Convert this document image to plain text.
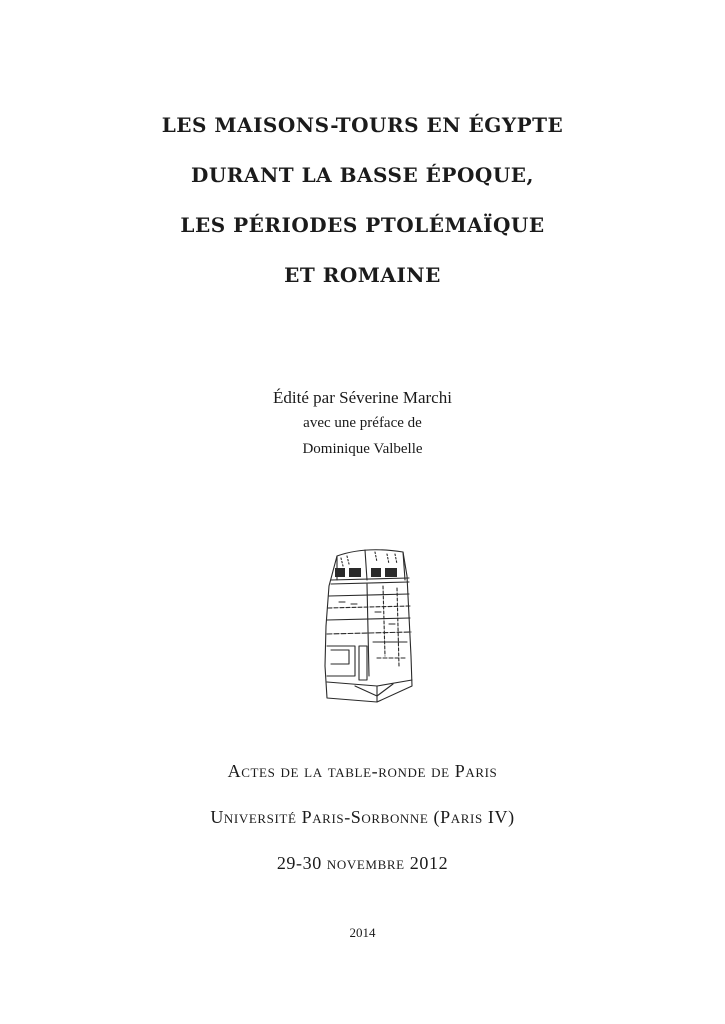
LES MAISONS-TOURS EN ÉGYPTE
DURANT LA BASSE ÉPOQUE,
LES PÉRIODES PTOLÉMAÏQUE
ET ROMAINE
Édité par Séverine Marchi
avec une préface de
Dominique Valbelle
Actes de la table-ronde de Paris
Université Paris-Sorbonne (Paris IV)
29-30 novembre 2012
2014
